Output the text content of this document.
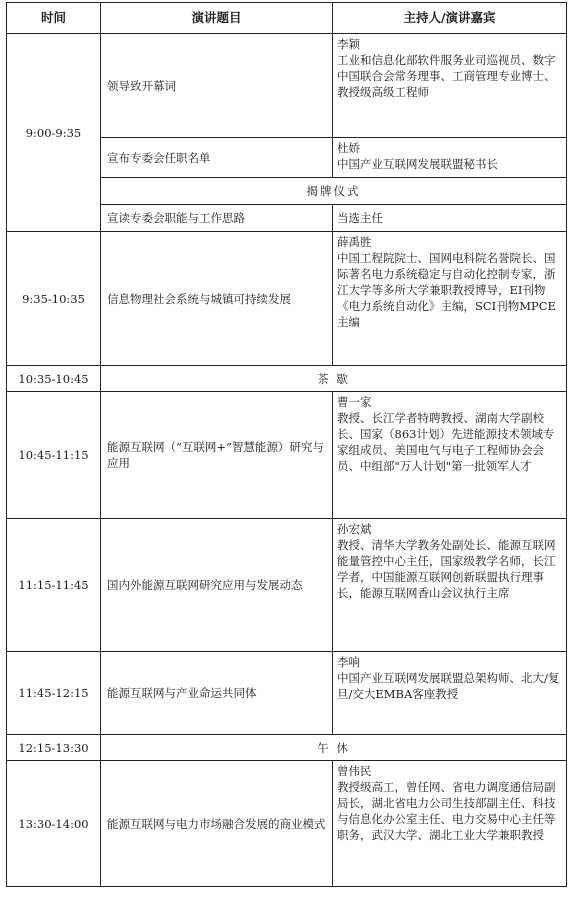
时间	演讲题目	主持人/演讲嘉宾
9:00-9:35	领导致开幕词	李颖
工业和信息化部软件服务业司巡视员、数字中国联合会常务理事、工商管理专业博士、教授级高级工程师

	宣布专委会任职名单	杜娇
中国产业互联网发展联盟秘书长

	揭牌仪式	
	宣读专委会职能与工作思路	当选主任

9:35-10:35	信息物理社会系统与城镇可持续发展	薛禹胜
中国工程院院士、国网电科院名誉院长、国际著名电力系统稳定与自动化控制专家，浙江大学等多所大学兼职教授博导，EI刊物《电力系统自动化》主编，SCI刊物MPCE主编

10:35-10:45	茶 歇	
10:45-11:15	能源互联网（“互联网+”智慧能源）研究与应用	曹一家
教授、长江学者特聘教授、湖南大学副校长、国家（863计划）先进能源技术领域专家组成员、美国电气与电子工程师协会会员、中组部"万人计划"第一批领军人才

11:15-11:45	国内外能源互联网研究应用与发展动态	孙宏斌
教授、清华大学教务处副处长、能源互联网能量管控中心主任，国家级教学名师，长江学者，中国能源互联网创新联盟执行理事长，能源互联网香山会议执行主席

11:45-12:15	能源互联网与产业命运共同体	李响
中国产业互联网发展联盟总架构师、北大/复旦/交大EMBA客座教授

12:15-13:30	午 休	
13:30-14:00	能源互联网与电力市场融合发展的商业模式	曾伟民
教授级高工，曾任网、省电力调度通信局副局长，湖北省电力公司生技部副主任、科技与信息化办公室主任、电力交易中心主任等职务，武汉大学、湖北工业大学兼职教授
